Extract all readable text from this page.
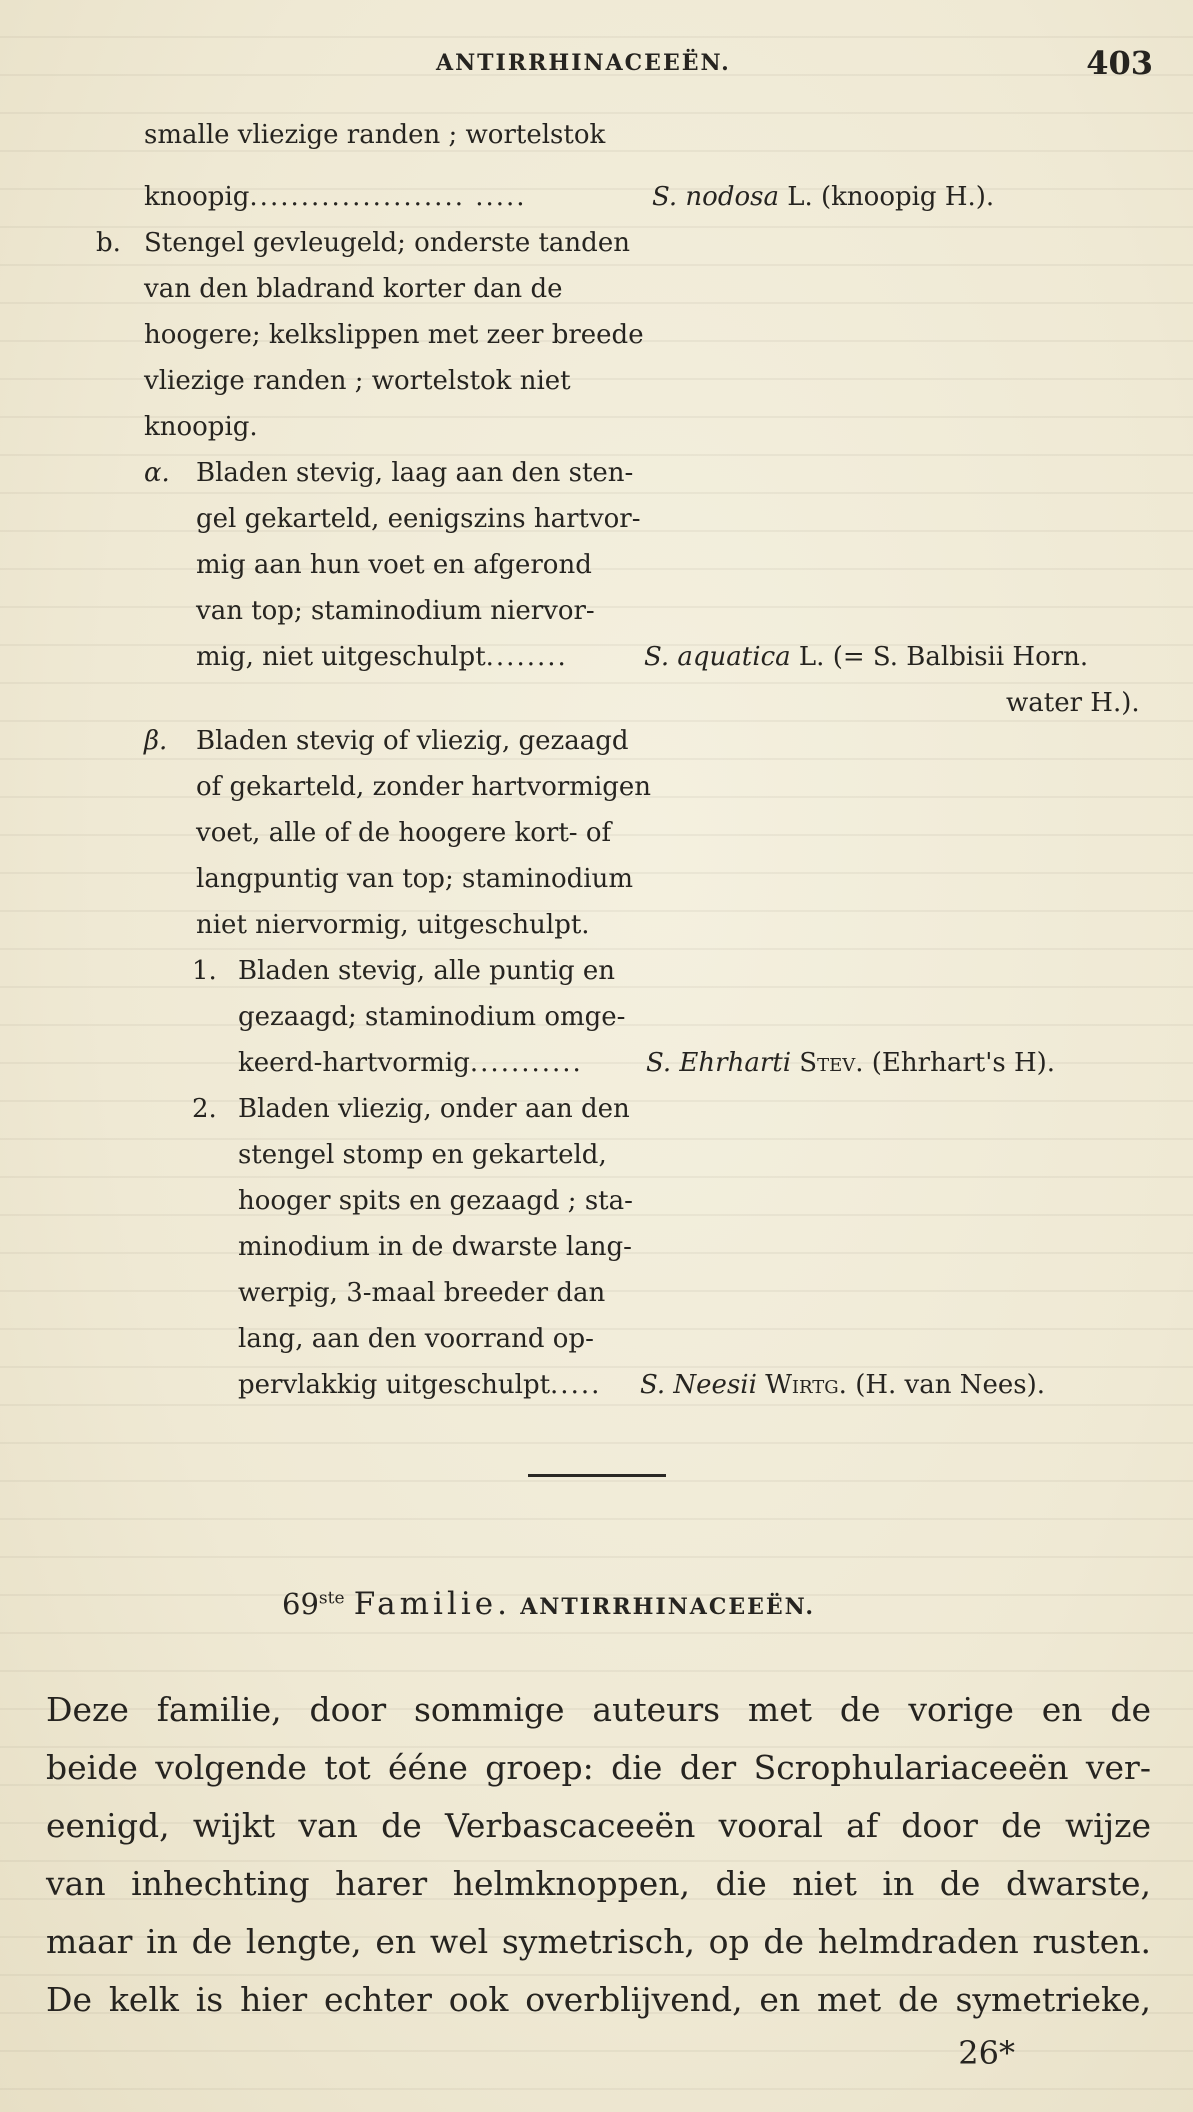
ANTIRRHINACEEËN.	403
smalle vliezige randen ; wortelstok
knoopig..................... .....	S. nodosa L. (knoopig H.).
b. Stengel gevleugeld; onderste tanden
van den bladrand korter dan de
hoogere; kelkslippen met zeer breede
vliezige randen ; wortelstok niet
knoopig.
α. Bladen stevig, laag aan den sten-
gel gekarteld, eenigszins hartvor-
mig aan hun voet en afgerond
van top; staminodium niervor-
mig, niet uitgeschulpt........	S. aquatica L. (= S. Balbisii Horn.
water H.).
β. Bladen stevig of vliezig, gezaagd
of gekarteld, zonder hartvormigen
voet, alle of de hoogere kort- of
langpuntig van top; staminodium
niet niervormig, uitgeschulpt.
1. Bladen stevig, alle puntig en
gezaagd; staminodium omge-
keerd-hartvormig........... S. Ehrharti Stev. (Ehrhart's H).
2. Bladen vliezig, onder aan den
stengel stomp en gekarteld,
hooger spits en gezaagd ; sta-
minodium in de dwarste lang-
werpig, 3-maal breeder dan
lang, aan den voorrand op-
pervlakkig uitgeschulpt..... S. Neesii Wirtg. (H. van Nees).
69ste Familie. ANTIRRHINACEEËN.
Deze familie, door sommige auteurs met de vorige en de
beide volgende tot ééne groep: die der Scrophulariaceeën ver-
eenigd, wijkt van de Verbascaceeën vooral af door de wijze
van inhechting harer helmknoppen, die niet in de dwarste,
maar in de lengte, en wel symetrisch, op de helmdraden rusten.
De kelk is hier echter ook overblijvend, en met de symetrieke,
26*
